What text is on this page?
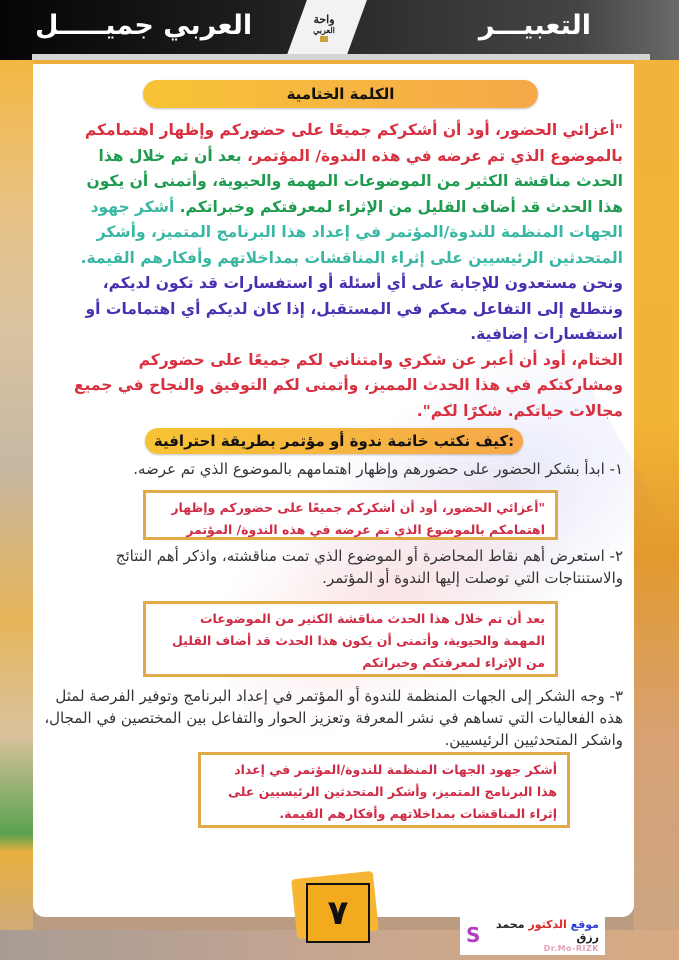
واحة
العربي
العربي جميـــــل	التعبيـــر
الكلمة الختامية
"أعزائي الحضور، أود أن أشكركم جميعًا على حضوركم وإظهار اهتمامكم بالموضوع الذي تم عرضه في هذه الندوة/ المؤتمر، بعد أن تم خلال هذا الحدث مناقشة الكثير من الموضوعات المهمة والحيوية، وأتمنى أن يكون هذا الحدث قد أضاف القليل من الإثراء لمعرفتكم وخبراتكم. أشكر جهود الجهات المنظمة للندوة/المؤتمر في إعداد هذا البرنامج المتميز، وأشكر المتحدثين الرئيسيين على إثراء المناقشات بمداخلاتهم وأفكارهم القيمة. ونحن مستعدون للإجابة على أي أسئلة أو استفسارات قد تكون لديكم، ونتطلع إلى التفاعل معكم في المستقبل، إذا كان لديكم أي اهتمامات أو استفسارات إضافية.
الختام، أود أن أعبر عن شكري وامتناني لكم جميعًا على حضوركم ومشاركتكم في هذا الحدث المميز، وأتمنى لكم التوفيق والنجاح في جميع مجالات حياتكم. شكرًا لكم".
كيف نكتب خاتمة ندوة أو مؤتمر بطريقة احترافية:
١- ابدأ بشكر الحضور على حضورهم وإظهار اهتمامهم بالموضوع الذي تم عرضه.
"أعزائي الحضور، أود أن أشكركم جميعًا على حضوركم وإظهار اهتمامكم بالموضوع الذي تم عرضه في هذه الندوة/ المؤتمر
٢- استعرض أهم نقاط المحاضرة أو الموضوع الذي تمت مناقشته، واذكر أهم النتائج والاستنتاجات التي توصلت إليها الندوة أو المؤتمر.
بعد أن تم خلال هذا الحدث مناقشة الكثير من الموضوعات المهمة والحيوية، وأتمنى أن يكون هذا الحدث قد أضاف القليل من الإثراء لمعرفتكم وخبراتكم
٣- وجه الشكر إلى الجهات المنظمة للندوة أو المؤتمر في إعداد البرنامج وتوفير الفرصة لمثل هذه الفعاليات التي تساهم في نشر المعرفة وتعزيز الحوار والتفاعل بين المختصين في المجال، واشكر المتحدثيين الرئيسيين.
أشكر جهود الجهات المنظمة للندوة/المؤتمر في إعداد هذا البرنامج المتميز، وأشكر المتحدثين الرئيسيين على إثراء المناقشات بمداخلاتهم وأفكارهم القيمة.
٧
S	موقع الدكتور محمد رزق
Dr.Mo-RIZK
